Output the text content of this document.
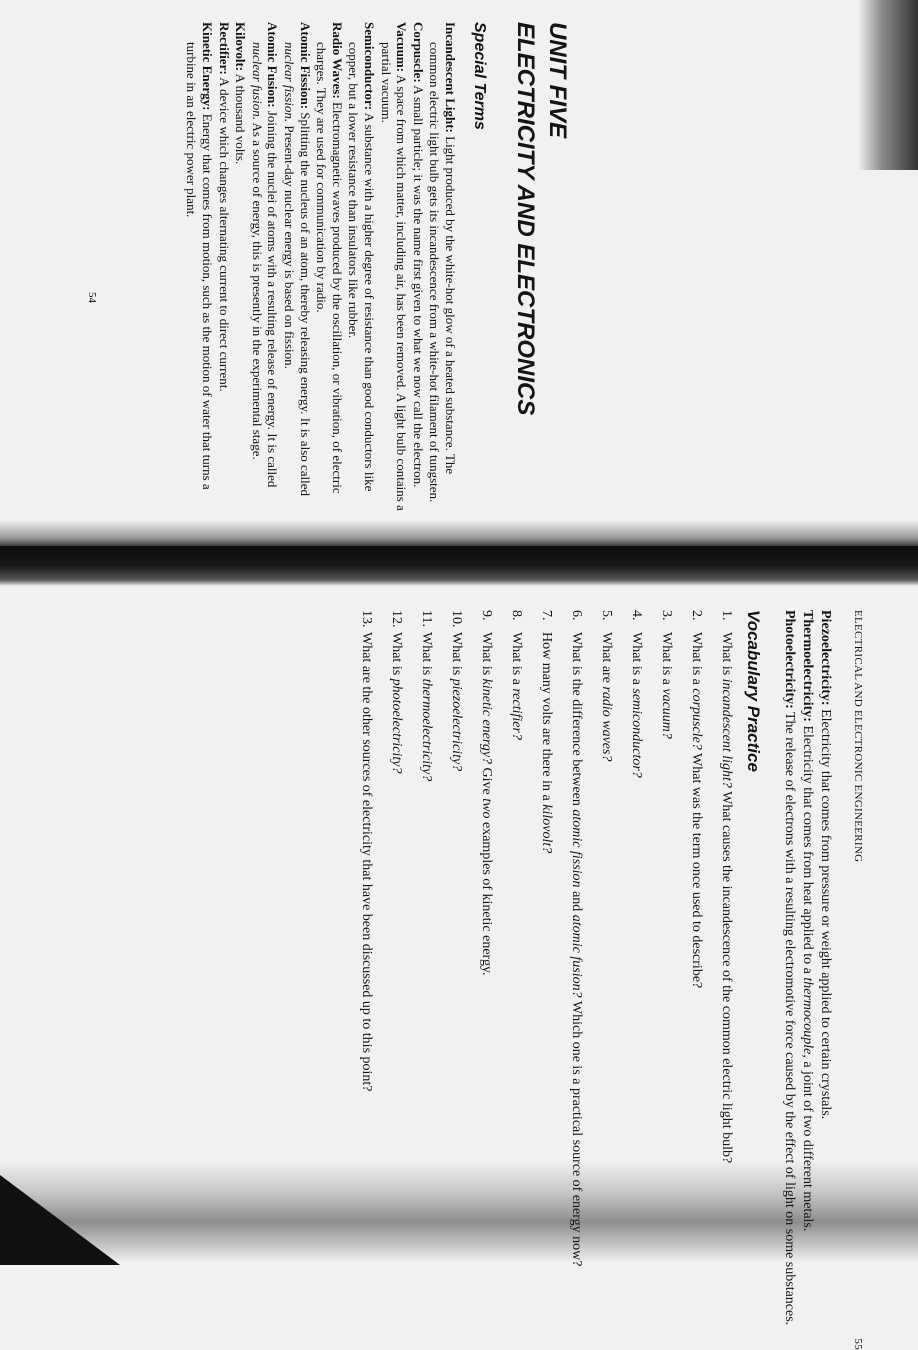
UNIT FIVE
ELECTRICITY AND ELECTRONICS
Special Terms

Incandescent Light: Light produced by the white-hot glow of a heated substance. The common electric light bulb gets its incandescence from a white-hot filament of tungsten.

Corpuscle: A small particle; it was the name first given to what we now call the electron.

Vacuum: A space from which matter, including air, has been removed. A light bulb contains a partial vacuum.

Semiconductor: A substance with a higher degree of resistance than good conductors like copper, but a lower resistance than insulators like rubber.

Radio Waves: Electromagnetic waves produced by the oscillation, or vibration, of electric charges. They are used for communication by radio.

Atomic Fission: Splitting the nucleus of an atom, thereby releasing energy. It is also called nuclear fission. Present-day nuclear energy is based on fission.

Atomic Fusion: Joining the nuclei of atoms with a resulting release of energy. It is called nuclear fusion. As a source of energy, this is presently in the experimental stage.

Kilovolt: A thousand volts.

Rectifier: A device which changes alternating current to direct current.

Kinetic Energy: Energy that comes from motion, such as the motion of water that turns a turbine in an electric power plant.

54
ELECTRICAL AND ELECTRONIC ENGINEERING
55

Piezoelectricity: Electricity that comes from pressure or weight applied to certain crystals.

Thermoelectricity: Electricity that comes from heat applied to a thermocouple, a joint of two different metals.

Photoelectricity: The release of electrons with a resulting electromotive force caused by the effect of light on some substances.

Vocabulary Practice

1.What is incandescent light? What causes the incandescence of the common electric light bulb?

2.What is a corpuscle? What was the term once used to describe?

3.What is a vacuum?

4.What is a semiconductor?

5.What are radio waves?

6.What is the difference between atomic fission and atomic fusion? Which one is a practical source of energy now?

7.How many volts are there in a kilovolt?

8.What is a rectifier?

9.What is kinetic energy? Give two examples of kinetic energy.

10.What is piezoelectricity?

11.What is thermoelectricity?

12.What is photoelectricity?

13.What are the other sources of electricity that have been discussed up to this point?
